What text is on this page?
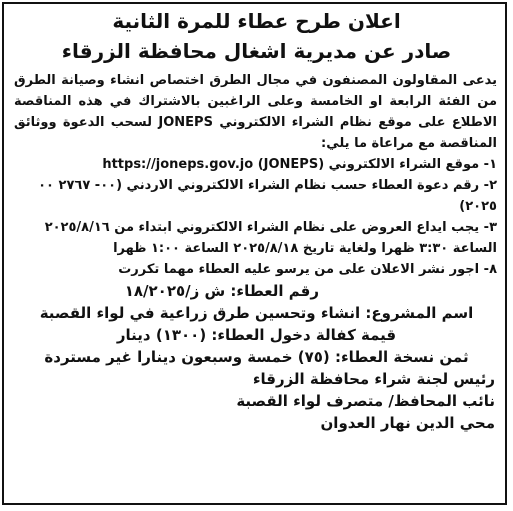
اعلان طرح عطاء للمرة الثانية
صادر عن مديرية اشغال محافظة الزرقاء
يدعى المقاولون المصنفون في مجال الطرق اختصاص انشاء وصيانة الطرق من الفئة الرابعة او الخامسة وعلى الراغبين بالاشتراك في هذه المناقصة الاطلاع على موقع نظام الشراء الالكتروني JONEPS لسحب الدعوة ووثائق المناقصة مع مراعاة ما يلي:
١- موقع الشراء الالكتروني (JONEPS) https://joneps.gov.jo
٢- رقم دعوة العطاء حسب نظام الشراء الالكتروني الاردني (٠٠- ٢٧٦٧ ٠٠ ٢٠٢٥)
٣- يجب ايداع العروض على نظام الشراء الالكتروني ابتداء من ٢٠٢٥/٨/١٦ الساعة ٣:٣٠ ظهرا ولغاية تاريخ ٢٠٢٥/٨/١٨ الساعة ١:٠٠ ظهرا
٨- اجور نشر الاعلان على من يرسو عليه العطاء مهما تكررت
رقم العطاء: ش ز/١٨/٢٠٢٥
اسم المشروع: انشاء وتحسين طرق زراعية في لواء القصبة
قيمة كفالة دخول العطاء: (١٣٠٠) دينار
ثمن نسخة العطاء: (٧٥) خمسة وسبعون دينارا غير مستردة
رئيس لجنة شراء محافظة الزرقاء
نائب المحافظ/ متصرف لواء القصبة
محي الدين نهار العدوان
